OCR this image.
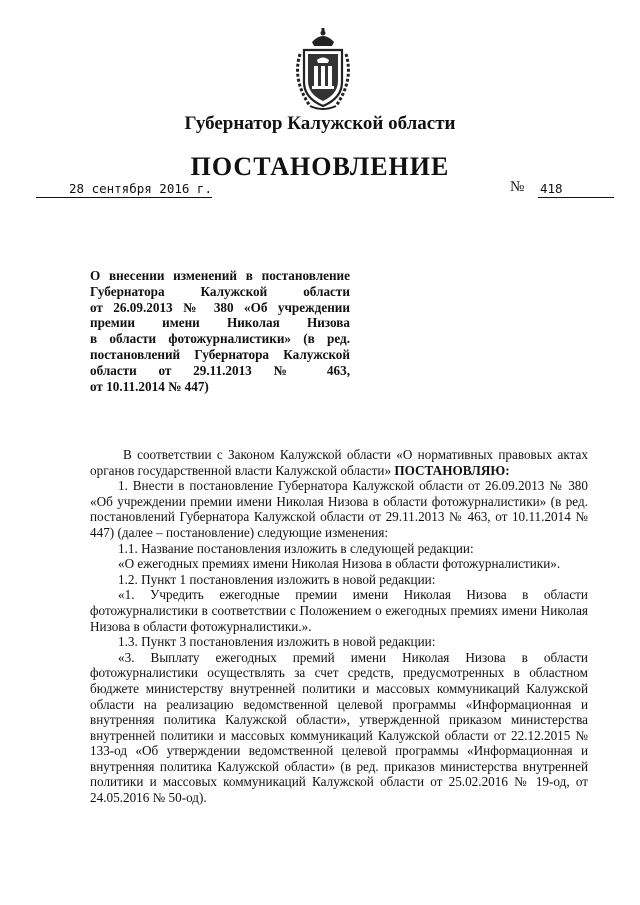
Губернатор Калужской области
ПОСТАНОВЛЕНИЕ
28 сентября 2016 г.	№ 418
О внесении изменений в постановление
Губернатора Калужской области
от 26.09.2013 № 380 «Об учреждении
премии имени Николая Низова
в области фотожурналистики» (в ред.
постановлений Губернатора Калужской
области от 29.11.2013 № 463,
от 10.11.2014 № 447)

В соответствии с Законом Калужской области «О нормативных правовых актах органов государственной власти Калужской области» ПОСТАНОВЛЯЮ:

1. Внести в постановление Губернатора Калужской области от 26.09.2013 № 380 «Об учреждении премии имени Николая Низова в области фотожурналистики» (в ред. постановлений Губернатора Калужской области от 29.11.2013 № 463, от 10.11.2014 № 447) (далее – постановление) следующие изменения:

1.1. Название постановления изложить в следующей редакции:

«О ежегодных премиях имени Николая Низова в области фотожурналистики».

1.2. Пункт 1 постановления изложить в новой редакции:

«1. Учредить ежегодные премии имени Николая Низова в области фотожурналистики в соответствии с Положением о ежегодных премиях имени Николая Низова в области фотожурналистики.».

1.3. Пункт 3 постановления изложить в новой редакции:

«3. Выплату ежегодных премий имени Николая Низова в области фотожурналистики осуществлять за счет средств, предусмотренных в областном бюджете министерству внутренней политики и массовых коммуникаций Калужской области на реализацию ведомственной целевой программы «Информационная и внутренняя политика Калужской области», утвержденной приказом министерства внутренней политики и массовых коммуникаций Калужской области от 22.12.2015 № 133-од «Об утверждении ведомственной целевой программы «Информационная и внутренняя политика Калужской области» (в ред. приказов министерства внутренней политики и массовых коммуникаций Калужской области от 25.02.2016 № 19-од, от 24.05.2016 № 50-од).
